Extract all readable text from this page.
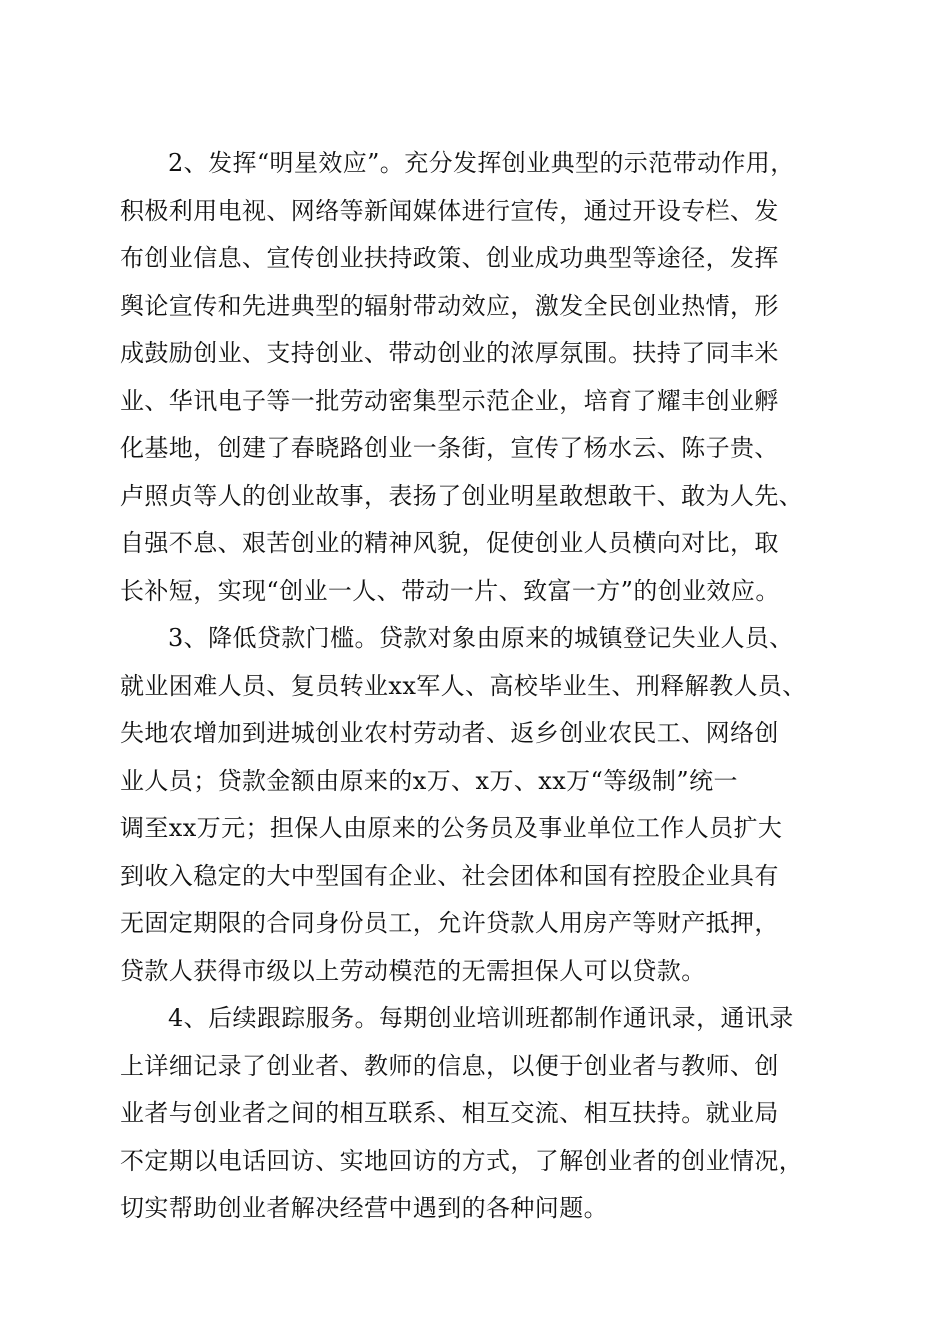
2、发挥“明星效应”。充分发挥创业典型的示范带动作用，
积极利用电视、网络等新闻媒体进行宣传，通过开设专栏、发
布创业信息、宣传创业扶持政策、创业成功典型等途径，发挥
舆论宣传和先进典型的辐射带动效应，激发全民创业热情，形
成鼓励创业、支持创业、带动创业的浓厚氛围。扶持了同丰米
业、华讯电子等一批劳动密集型示范企业，培育了耀丰创业孵
化基地，创建了春晓路创业一条街，宣传了杨水云、陈子贵、
卢照贞等人的创业故事，表扬了创业明星敢想敢干、敢为人先、
自强不息、艰苦创业的精神风貌，促使创业人员横向对比，取
长补短，实现“创业一人、带动一片、致富一方”的创业效应。
3、降低贷款门槛。贷款对象由原来的城镇登记失业人员、
就业困难人员、复员转业xx军人、高校毕业生、刑释解教人员、
失地农增加到进城创业农村劳动者、返乡创业农民工、网络创
业人员；贷款金额由原来的x万、x万、xx万“等级制”统一
调至xx万元；担保人由原来的公务员及事业单位工作人员扩大
到收入稳定的大中型国有企业、社会团体和国有控股企业具有
无固定期限的合同身份员工，允许贷款人用房产等财产抵押，
贷款人获得市级以上劳动模范的无需担保人可以贷款。
4、后续跟踪服务。每期创业培训班都制作通讯录，通讯录
上详细记录了创业者、教师的信息，以便于创业者与教师、创
业者与创业者之间的相互联系、相互交流、相互扶持。就业局
不定期以电话回访、实地回访的方式，了解创业者的创业情况，
切实帮助创业者解决经营中遇到的各种问题。
